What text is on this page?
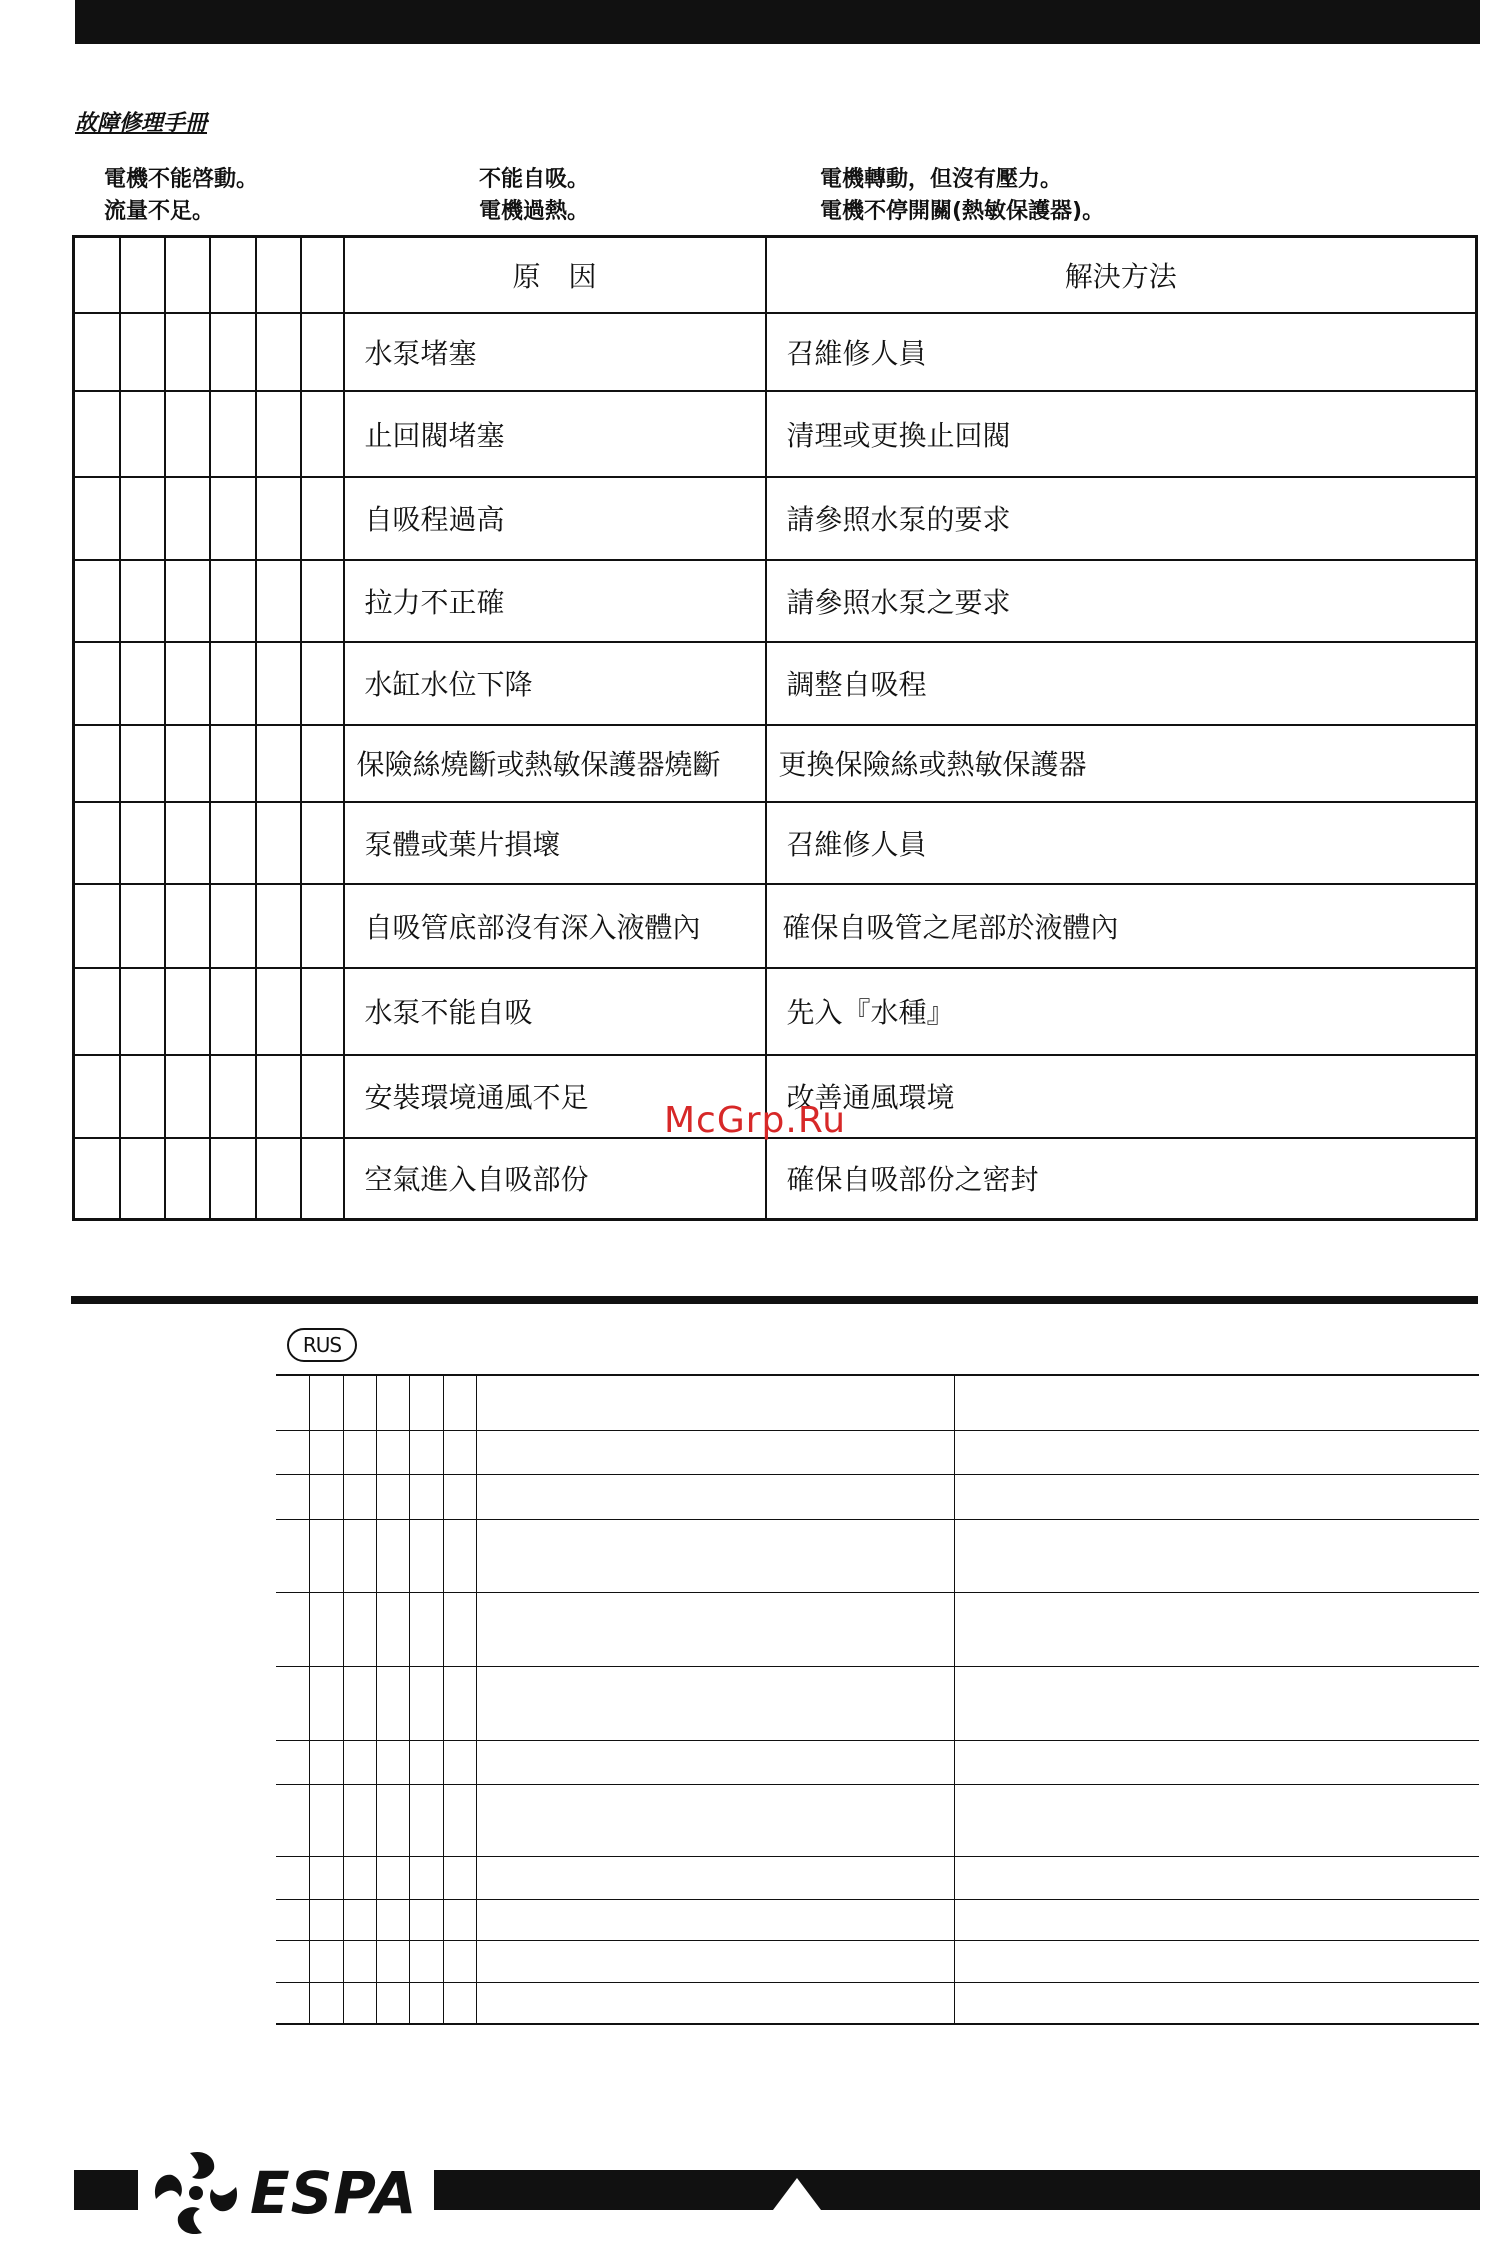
故障修理手冊
電機不能啓動。
流量不足。
不能自吸。
電機過熱。
電機轉動，但沒有壓力。
電機不停開關(熱敏保護器)。
						原　因	解決方法
						水泵堵塞	召維修人員
						止回閥堵塞	清理或更換止回閥
						自吸程過高	請參照水泵的要求
						拉力不正確	請參照水泵之要求
						水缸水位下降	調整自吸程
						保險絲燒斷或熱敏保護器燒斷	更換保險絲或熱敏保護器
						泵體或葉片損壞	召維修人員
						自吸管底部沒有深入液體內	確保自吸管之尾部於液體內
						水泵不能自吸	先入『水種』
						安裝環境通風不足	改善通風環境
						空氣進入自吸部份	確保自吸部份之密封
McGrp.Ru
RUS

ESPA
